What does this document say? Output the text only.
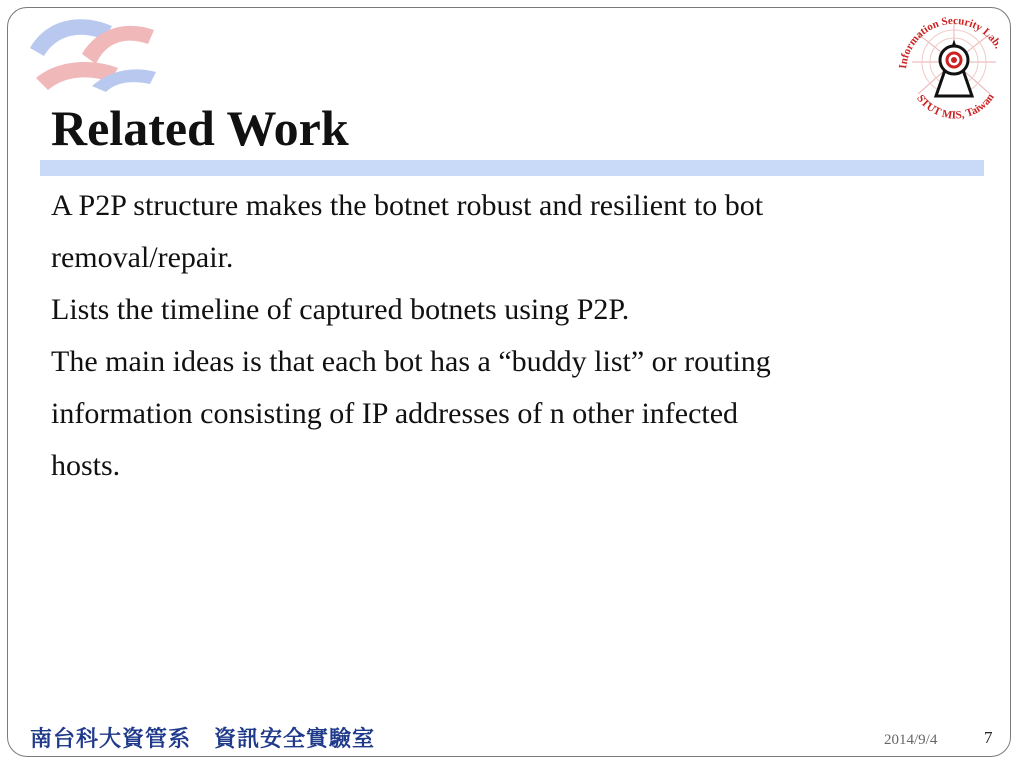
Related Work
Information Security Lab.
STUT MIS, Taiwan

A P2P structure makes the botnet robust and resilient to bot

removal/repair.

Lists the timeline of captured botnets using P2P.

The main ideas is that each bot has a “buddy list” or routing

information consisting of IP addresses of n other infected

hosts.

南台科大資管系　資訊安全實驗室	2014/9/4	7
